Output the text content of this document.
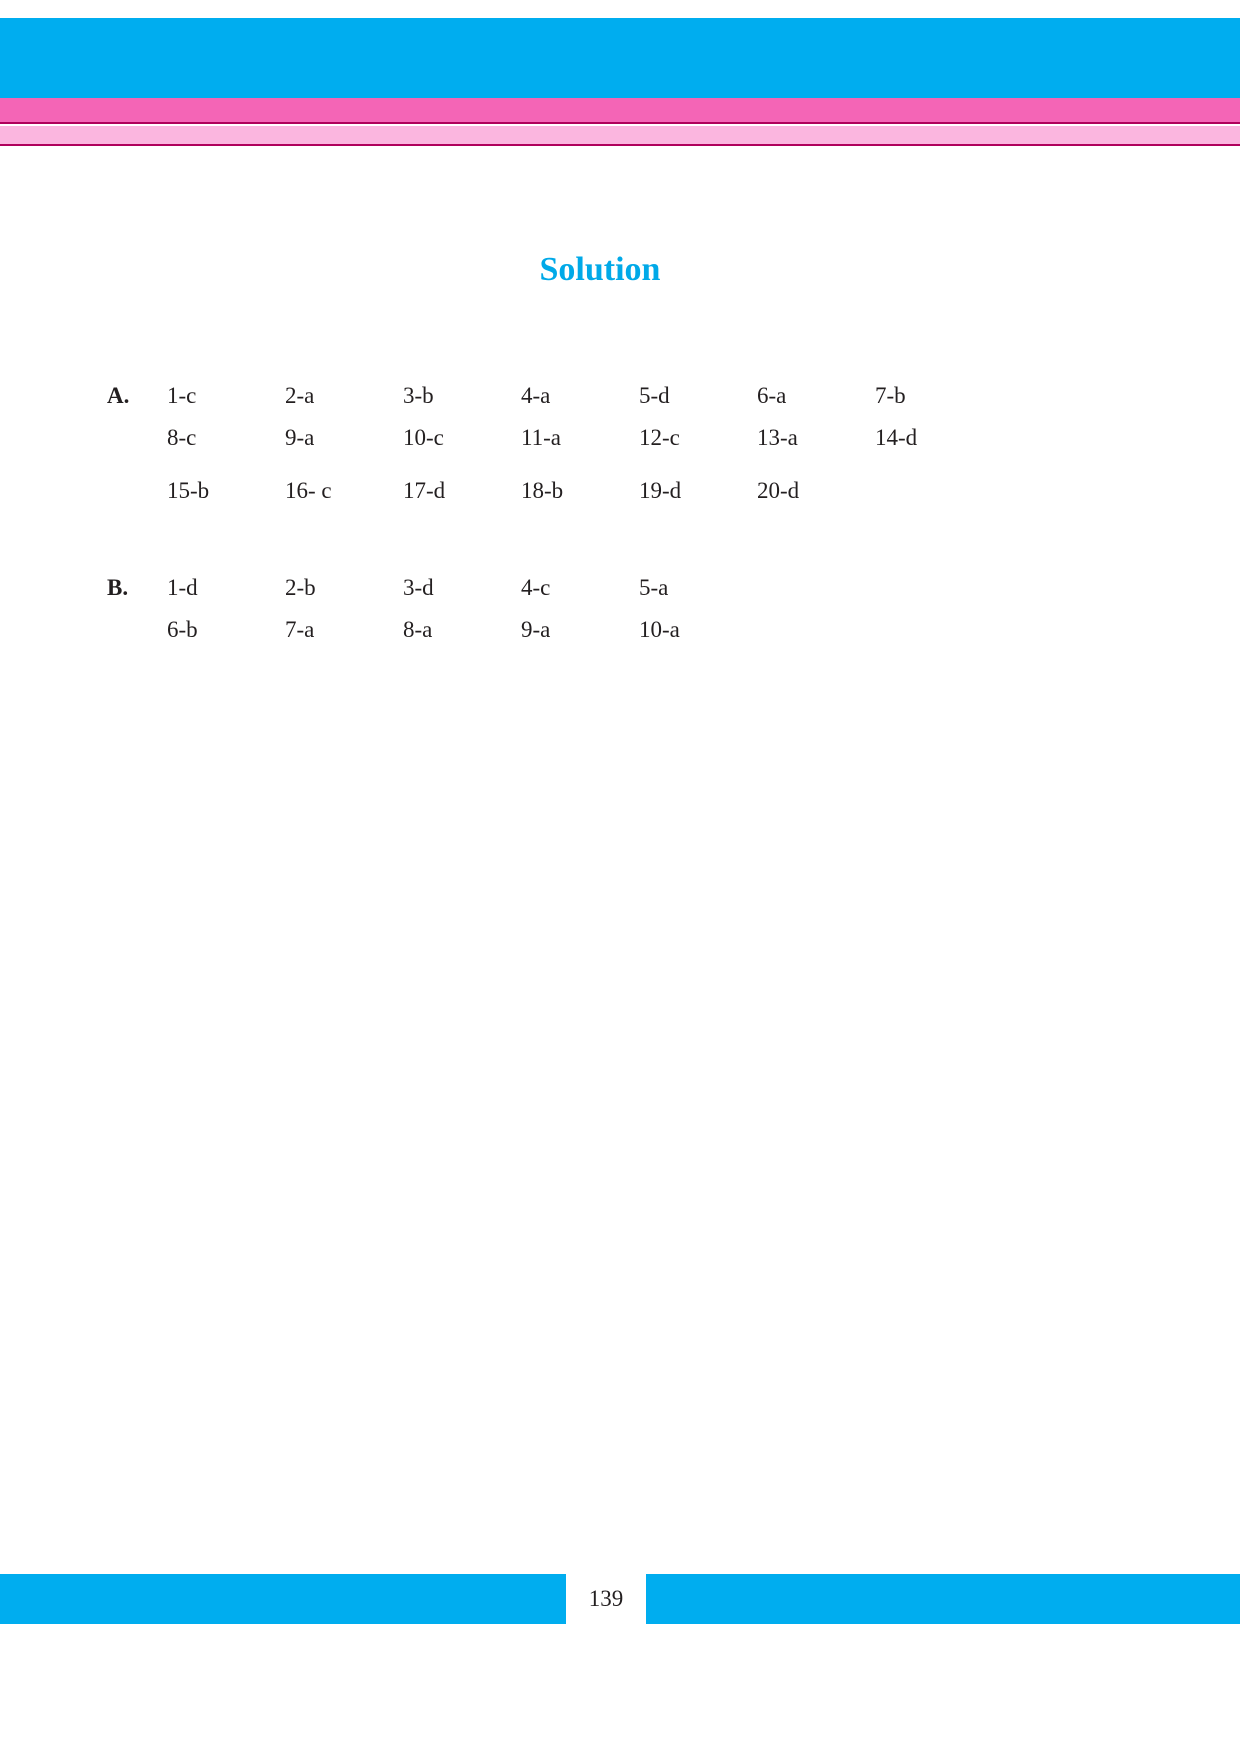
Solution
A. 1-c	2-a	3-b	4-a	5-d	6-a	7-b
8-c	9-a	10-c	11-a	12-c	13-a	14-d
15-b	16- c	17-d	18-b	19-d	20-d
B. 1-d	2-b	3-d	4-c	5-a
6-b	7-a	8-a	9-a	10-a
139
